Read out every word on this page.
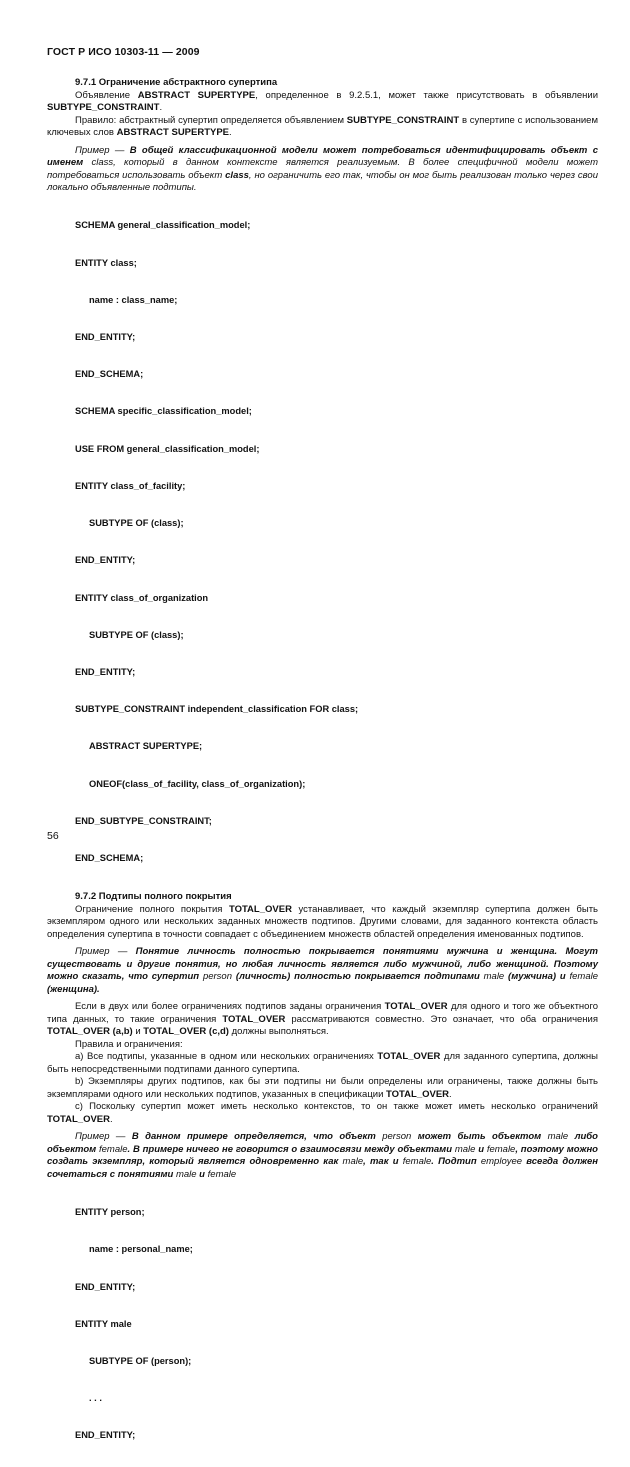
ГОСТ Р ИСО 10303-11 — 2009
9.7.1 Ограничение абстрактного супертипа
Объявление ABSTRACT SUPERTYPE, определенное в 9.2.5.1, может также присутствовать в объявлении SUBTYPE_CONSTRAINT.
Правило: абстрактный супертип определяется объявлением SUBTYPE_CONSTRAINT в супертипе с использованием ключевых слов ABSTRACT SUPERTYPE.
Пример — В общей классификационной модели может потребоваться идентифицировать объект с именем class, который в данном контексте является реализуемым. В более специфичной модели может потребоваться использовать объект class, но ограничить его так, чтобы он мог быть реализован только через свои локально объявленные подтипы.

SCHEMA general_classification_model;

ENTITY class;

name : class_name;

END_ENTITY;

END_SCHEMA;

SCHEMA specific_classification_model;

USE FROM general_classification_model;

ENTITY class_of_facility;

SUBTYPE OF (class);

END_ENTITY;

ENTITY class_of_organization

SUBTYPE OF (class);

END_ENTITY;

SUBTYPE_CONSTRAINT independent_classification FOR class;

ABSTRACT SUPERTYPE;

ONEOF(class_of_facility, class_of_organization);

END_SUBTYPE_CONSTRAINT;

END_SCHEMA;

9.7.2 Подтипы полного покрытия
Ограничение полного покрытия TOTAL_OVER устанавливает, что каждый экземпляр супертипа должен быть экземпляром одного или нескольких заданных множеств подтипов. Другими словами, для заданного контекста область определения супертипа в точности совпадает с объединением множеств областей определения именованных подтипов.
Пример — Понятие личность полностью покрывается понятиями мужчина и женщина. Могут существовать и другие понятия, но любая личность является либо мужчиной, либо женщиной. Поэтому можно сказать, что супертип person (личность) полностью покрывается подтипами male (мужчина) и female (женщина).
Если в двух или более ограничениях подтипов заданы ограничения TOTAL_OVER для одного и того же объектного типа данных, то такие ограничения TOTAL_OVER рассматриваются совместно. Это означает, что оба ограничения TOTAL_OVER (a,b) и TOTAL_OVER (c,d) должны выполняться.
Правила и ограничения:
a) Все подтипы, указанные в одном или нескольких ограничениях TOTAL_OVER для заданного супертипа, должны быть непосредственными подтипами данного супертипа.
b) Экземпляры других подтипов, как бы эти подтипы ни были определены или ограничены, также должны быть экземплярами одного или нескольких подтипов, указанных в спецификации TOTAL_OVER.
c) Поскольку супертип может иметь несколько контекстов, то он также может иметь несколько ограничений TOTAL_OVER.
Пример — В данном примере определяется, что объект person может быть объектом male либо объектом female. В примере ничего не говорится о взаимосвязи между объектами male и female, поэтому можно создать экземпляр, который является одновременно как male, так и female. Подтип employee всегда должен сочетаться с понятиями male и female

ENTITY person;

name : personal_name;

END_ENTITY;

ENTITY male

SUBTYPE OF (person);

. . .

END_ENTITY;

56
